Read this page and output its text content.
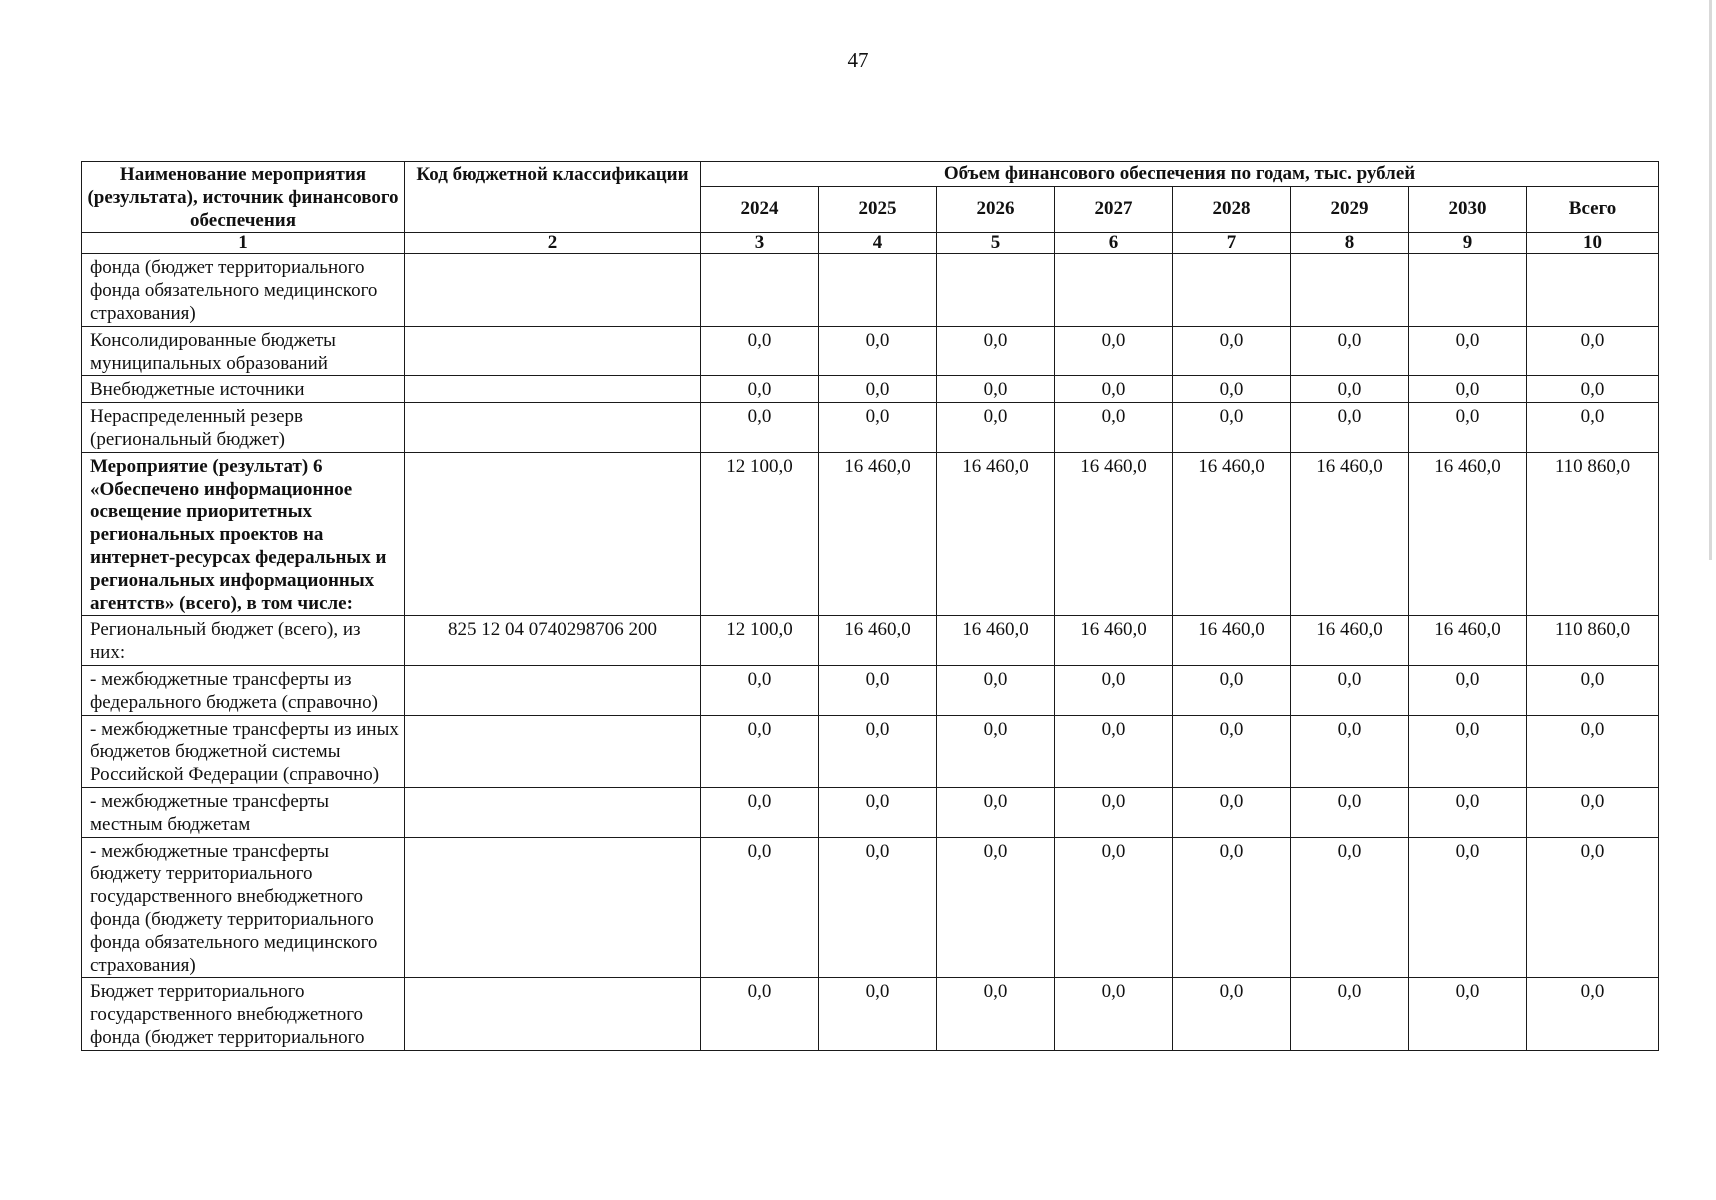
47
Наименование мероприятия (результата), источник финансового обеспечения	Код бюджетной классификации	Объем финансового обеспечения по годам, тыс. рублей							
		2024	2025	2026	2027	2028	2029	2030	Всего
1	2	3	4	5	6	7	8	9	10
фонда (бюджет территориального фонда обязательного медицинского страхования)									
Консолидированные бюджеты муниципальных образований		0,0	0,0	0,0	0,0	0,0	0,0	0,0	0,0
Внебюджетные источники		0,0	0,0	0,0	0,0	0,0	0,0	0,0	0,0
Нераспределенный резерв (региональный бюджет)		0,0	0,0	0,0	0,0	0,0	0,0	0,0	0,0
Мероприятие (результат) 6 «Обеспечено информационное освещение приоритетных региональных проектов на интернет-ресурсах федеральных и региональных информационных агентств» (всего), в том числе:		12 100,0	16 460,0	16 460,0	16 460,0	16 460,0	16 460,0	16 460,0	110 860,0
Региональный бюджет (всего), из них:	825 12 04 0740298706 200	12 100,0	16 460,0	16 460,0	16 460,0	16 460,0	16 460,0	16 460,0	110 860,0
- межбюджетные трансферты из федерального бюджета (справочно)		0,0	0,0	0,0	0,0	0,0	0,0	0,0	0,0
- межбюджетные трансферты из иных бюджетов бюджетной системы Российской Федерации (справочно)		0,0	0,0	0,0	0,0	0,0	0,0	0,0	0,0
- межбюджетные трансферты местным бюджетам		0,0	0,0	0,0	0,0	0,0	0,0	0,0	0,0
- межбюджетные трансферты бюджету территориального государственного внебюджетного фонда (бюджету территориального фонда обязательного медицинского страхования)		0,0	0,0	0,0	0,0	0,0	0,0	0,0	0,0
Бюджет территориального государственного внебюджетного фонда (бюджет территориального		0,0	0,0	0,0	0,0	0,0	0,0	0,0	0,0
